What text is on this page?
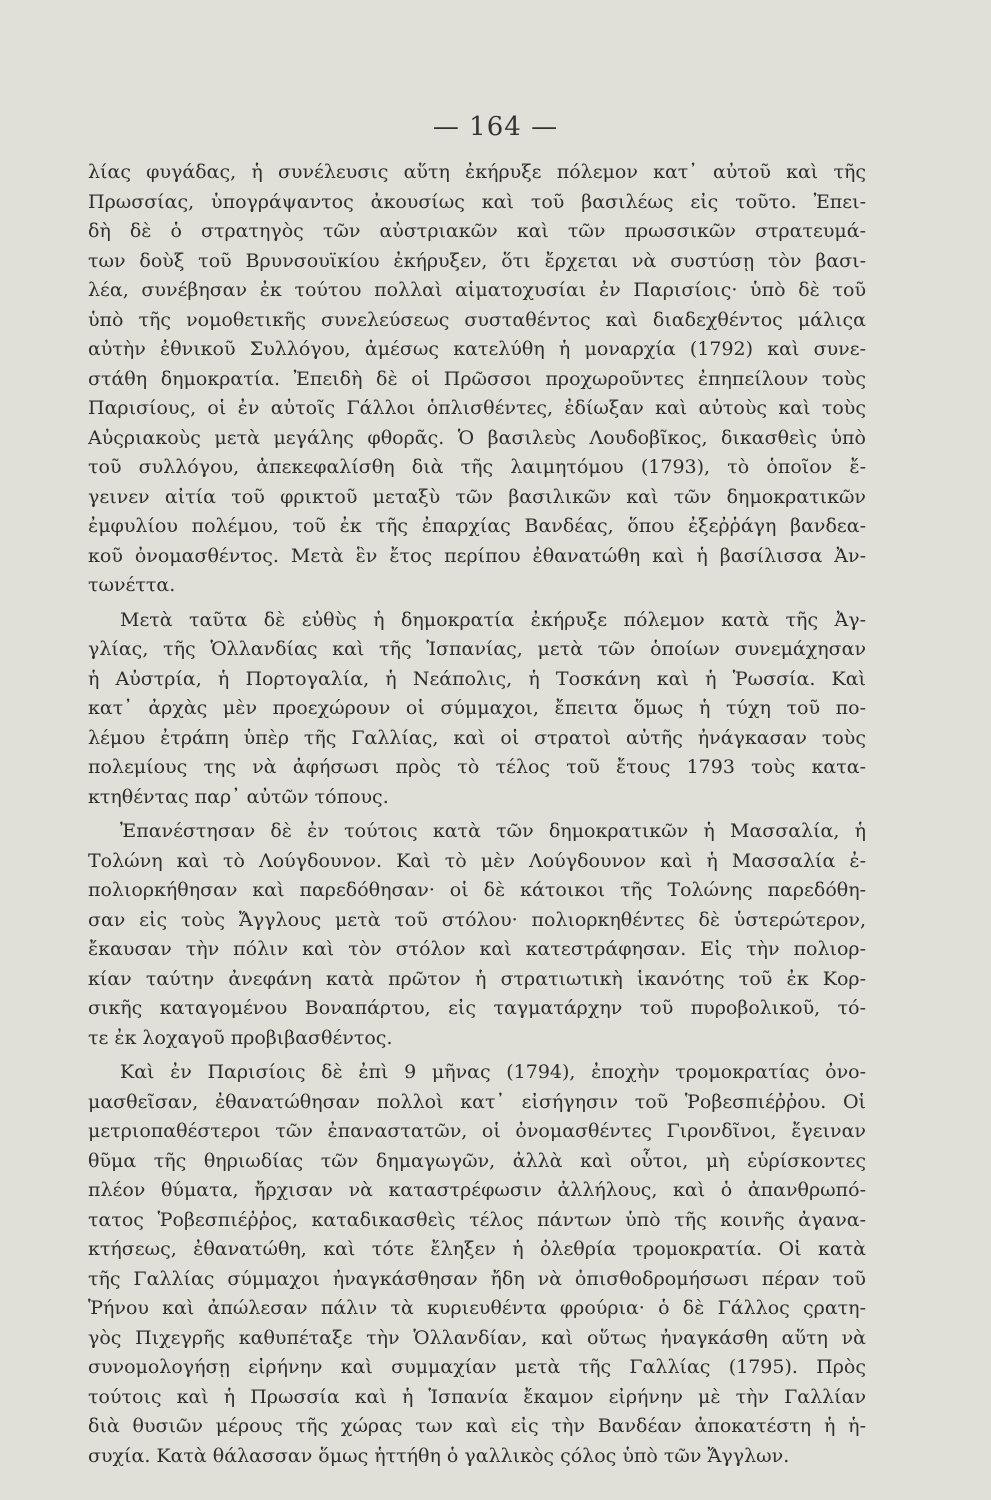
— 164 —
λίας φυγάδας, ἡ συνέλευσις αὕτη ἐκήρυξε πόλεμον κατ᾽ αὐτοῦ καὶ τῆς
Πρωσσίας, ὑπογράψαντος ἀκουσίως καὶ τοῦ βασιλέως εἰς τοῦτο. Ἐπει-
δὴ δὲ ὁ στρατηγὸς τῶν αὐστριακῶν καὶ τῶν πρωσσικῶν στρατευμά-
των δοὺξ τοῦ Βρυνσουϊκίου ἐκήρυξεν, ὅτι ἔρχεται νὰ συστύσῃ τὸν βασι-
λέα, συνέβησαν ἐκ τούτου πολλαὶ αἱματοχυσίαι ἐν Παρισίοις· ὑπὸ δὲ τοῦ
ὑπὸ τῆς νομοθετικῆς συνελεύσεως συσταθέντος καὶ διαδεχθέντος μάλιςα
αὐτὴν ἐθνικοῦ Συλλόγου, ἀμέσως κατελύθη ἡ μοναρχία (1792) καὶ συνε-
στάθη δημοκρατία. Ἐπειδὴ δὲ οἱ Πρῶσσοι προχωροῦντες ἐπηπείλουν τοὺς
Παρισίους, οἱ ἐν αὐτοῖς Γάλλοι ὁπλισθέντες, ἐδίωξαν καὶ αὐτοὺς καὶ τοὺς
Αὐςριακοὺς μετὰ μεγάλης φθορᾶς. Ὁ βασιλεὺς Λουδοβῖκος, δικασθεὶς ὑπὸ
τοῦ συλλόγου, ἀπεκεφαλίσθη διὰ τῆς λαιμητόμου (1793), τὸ ὁποῖον ἔ-
γεινεν αἰτία τοῦ φρικτοῦ μεταξὺ τῶν βασιλικῶν καὶ τῶν δημοκρατικῶν
ἐμφυλίου πολέμου, τοῦ ἐκ τῆς ἐπαρχίας Βανδέας, ὅπου ἐξεῤῥάγη βανδεα-
κοῦ ὀνομασθέντος. Μετὰ ἓν ἔτος περίπου ἐθανατώθη καὶ ἡ βασίλισσα Ἀν-
τωνέττα.
Μετὰ ταῦτα δὲ εὐθὺς ἡ δημοκρατία ἐκήρυξε πόλεμον κατὰ τῆς Ἀγ-
γλίας, τῆς Ὁλλανδίας καὶ τῆς Ἱσπανίας, μετὰ τῶν ὁποίων συνεμάχησαν
ἡ Αὐστρία, ἡ Πορτογαλία, ἡ Νεάπολις, ἡ Τοσκάνη καὶ ἡ Ῥωσσία. Καὶ
κατ᾽ ἀρχὰς μὲν προεχώρουν οἱ σύμμαχοι, ἔπειτα ὅμως ἡ τύχη τοῦ πο-
λέμου ἐτράπη ὑπὲρ τῆς Γαλλίας, καὶ οἱ στρατοὶ αὐτῆς ἠνάγκασαν τοὺς
πολεμίους της νὰ ἀφήσωσι πρὸς τὸ τέλος τοῦ ἔτους 1793 τοὺς κατα-
κτηθέντας παρ᾽ αὐτῶν τόπους.
Ἐπανέστησαν δὲ ἐν τούτοις κατὰ τῶν δημοκρατικῶν ἡ Μασσαλία, ἡ
Τολώνη καὶ τὸ Λούγδουνον. Καὶ τὸ μὲν Λούγδουνον καὶ ἡ Μασσαλία ἐ-
πολιορκήθησαν καὶ παρεδόθησαν· οἱ δὲ κάτοικοι τῆς Τολώνης παρεδόθη-
σαν εἰς τοὺς Ἄγγλους μετὰ τοῦ στόλου· πολιορκηθέντες δὲ ὑστερώτερον,
ἔκαυσαν τὴν πόλιν καὶ τὸν στόλον καὶ κατεστράφησαν. Εἰς τὴν πολιορ-
κίαν ταύτην ἀνεφάνη κατὰ πρῶτον ἡ στρατιωτικὴ ἱκανότης τοῦ ἐκ Κορ-
σικῆς καταγομένου Βοναπάρτου, εἰς ταγματάρχην τοῦ πυροβολικοῦ, τό-
τε ἐκ λοχαγοῦ προβιβασθέντος.
Καὶ ἐν Παρισίοις δὲ ἐπὶ 9 μῆνας (1794), ἐποχὴν τρομοκρατίας ὀνο-
μασθεῖσαν, ἐθανατώθησαν πολλοὶ κατ᾽ εἰσήγησιν τοῦ Ῥοβεσπιέῤῥου. Οἱ
μετριοπαθέστεροι τῶν ἐπαναστατῶν, οἱ ὀνομασθέντες Γιρονδῖνοι, ἔγειναν
θῦμα τῆς θηριωδίας τῶν δημαγωγῶν, ἀλλὰ καὶ οὗτοι, μὴ εὑρίσκοντες
πλέον θύματα, ἤρχισαν νὰ καταστρέφωσιν ἀλλήλους, καὶ ὁ ἀπανθρωπό-
τατος Ῥοβεσπιέῤῥος, καταδικασθεὶς τέλος πάντων ὑπὸ τῆς κοινῆς ἀγανα-
κτήσεως, ἐθανατώθη, καὶ τότε ἔληξεν ἡ ὀλεθρία τρομοκρατία. Οἱ κατὰ
τῆς Γαλλίας σύμμαχοι ἠναγκάσθησαν ἤδη νὰ ὀπισθοδρομήσωσι πέραν τοῦ
Ῥήνου καὶ ἀπώλεσαν πάλιν τὰ κυριευθέντα φρούρια· ὁ δὲ Γάλλος ςρατη-
γὸς Πιχεγρῆς καθυπέταξε τὴν Ὁλλανδίαν, καὶ οὕτως ἠναγκάσθη αὕτη νὰ
συνομολογήσῃ εἰρήνην καὶ συμμαχίαν μετὰ τῆς Γαλλίας (1795). Πρὸς
τούτοις καὶ ἡ Πρωσσία καὶ ἡ Ἱσπανία ἔκαμον εἰρήνην μὲ τὴν Γαλλίαν
διὰ θυσιῶν μέρους τῆς χώρας των καὶ εἰς τὴν Βανδέαν ἀποκατέστη ἡ ἡ-
συχία. Κατὰ θάλασσαν ὅμως ἡττήθη ὁ γαλλικὸς ςόλος ὑπὸ τῶν Ἄγγλων.
